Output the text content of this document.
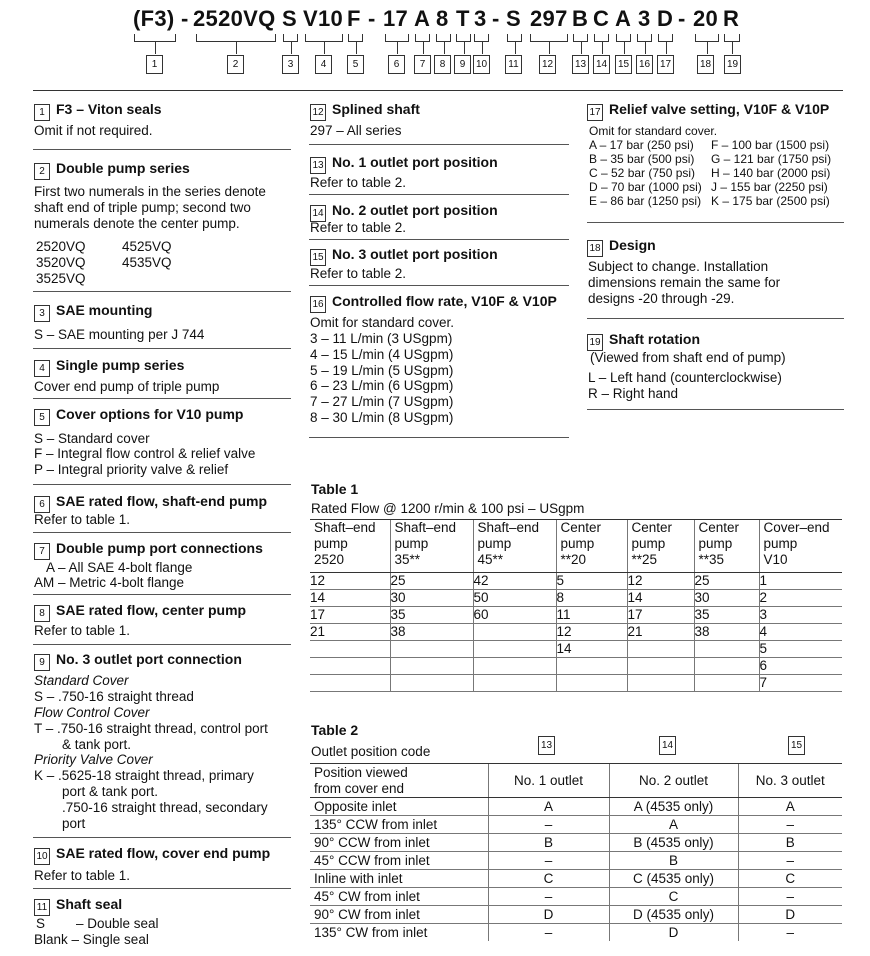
(F3) - 2520VQ S V10 F - 17 A 8 T 3 - S 297 B C A 3 D - 20 R
1	2	3	4	5	6	7	8	9	10	11	12 13 14 15 16 17	18 19
1 F3 – Viton seals
Omit if not required.
2 Double pump series
First two numerals in the series denote
shaft end of triple pump; second two
numerals denote the center pump.
2520VQ	4525VQ
3520VQ	4535VQ
3525VQ
3 SAE mounting
S – SAE mounting per J 744
4 Single pump series
Cover end pump of triple pump
5 Cover options for V10 pump
S – Standard cover
F – Integral flow control & relief valve
P – Integral priority valve & relief
6 SAE rated flow, shaft-end pump
Refer to table 1.
7 Double pump port connections
A – All SAE 4-bolt flange
AM – Metric 4-bolt flange
8 SAE rated flow, center pump
Refer to table 1.
9 No. 3 outlet port connection
Standard Cover
S – .750-16 straight thread
Flow Control Cover
T – .750-16 straight thread, control port
& tank port.
Priority Valve Cover
K – .5625-18 straight thread, primary
port & tank port.
.750-16 straight thread, secondary
port
10 SAE rated flow, cover end pump
Refer to table 1.
11 Shaft seal
S – Double seal
Blank – Single seal
12 Splined shaft
297 – All series
13 No. 1 outlet port position
Refer to table 2.
14 No. 2 outlet port position
Refer to table 2.
15 No. 3 outlet port position
Refer to table 2.
16 Controlled flow rate, V10F & V10P
Omit for standard cover.
3 – 11 L/min (3 USgpm)
4 – 15 L/min (4 USgpm)
5 – 19 L/min (5 USgpm)
6 – 23 L/min (6 USgpm)
7 – 27 L/min (7 USgpm)
8 – 30 L/min (8 USgpm)
17 Relief valve setting, V10F & V10P
Omit for standard cover.
A – 17 bar (250 psi)
B – 35 bar (500 psi)
C – 52 bar (750 psi)
D – 70 bar (1000 psi)
E – 86 bar (1250 psi)
F – 100 bar (1500 psi)
G – 121 bar (1750 psi)
H – 140 bar (2000 psi)
J – 155 bar (2250 psi)
K – 175 bar (2500 psi)
18 Design
Subject to change. Installation
dimensions remain the same for
designs -20 through -29.
19 Shaft rotation
(Viewed from shaft end of pump)
L – Left hand (counterclockwise)
R – Right hand
Table 1
Rated Flow @ 1200 r/min & 100 psi – USgpm
Shaft–end
pump
2520	Shaft–end
pump
35**	Shaft–end
pump
45**	Center
pump
**20	Center
pump
**25	Center
pump
**35	Cover–end
pump
V10
12	25	42	5	12	25	1
14	30	50	8	14	30	2
17	35	60	11	17	35	3
21	38		12	21	38	4
			14			5
						6
						7
Table 2
Outlet position code	13	14	15
Position viewed
from cover end	No. 1 outlet	No. 2 outlet	No. 3 outlet
Opposite inlet	A	A (4535 only)	A
135° CCW from inlet	–	A	–
90° CCW from inlet	B	B (4535 only)	B
45° CCW from inlet	–	B	–
Inline with inlet	C	C (4535 only)	C
45° CW from inlet	–	C	–
90° CW from inlet	D	D (4535 only)	D
135° CW from inlet	–	D	–
